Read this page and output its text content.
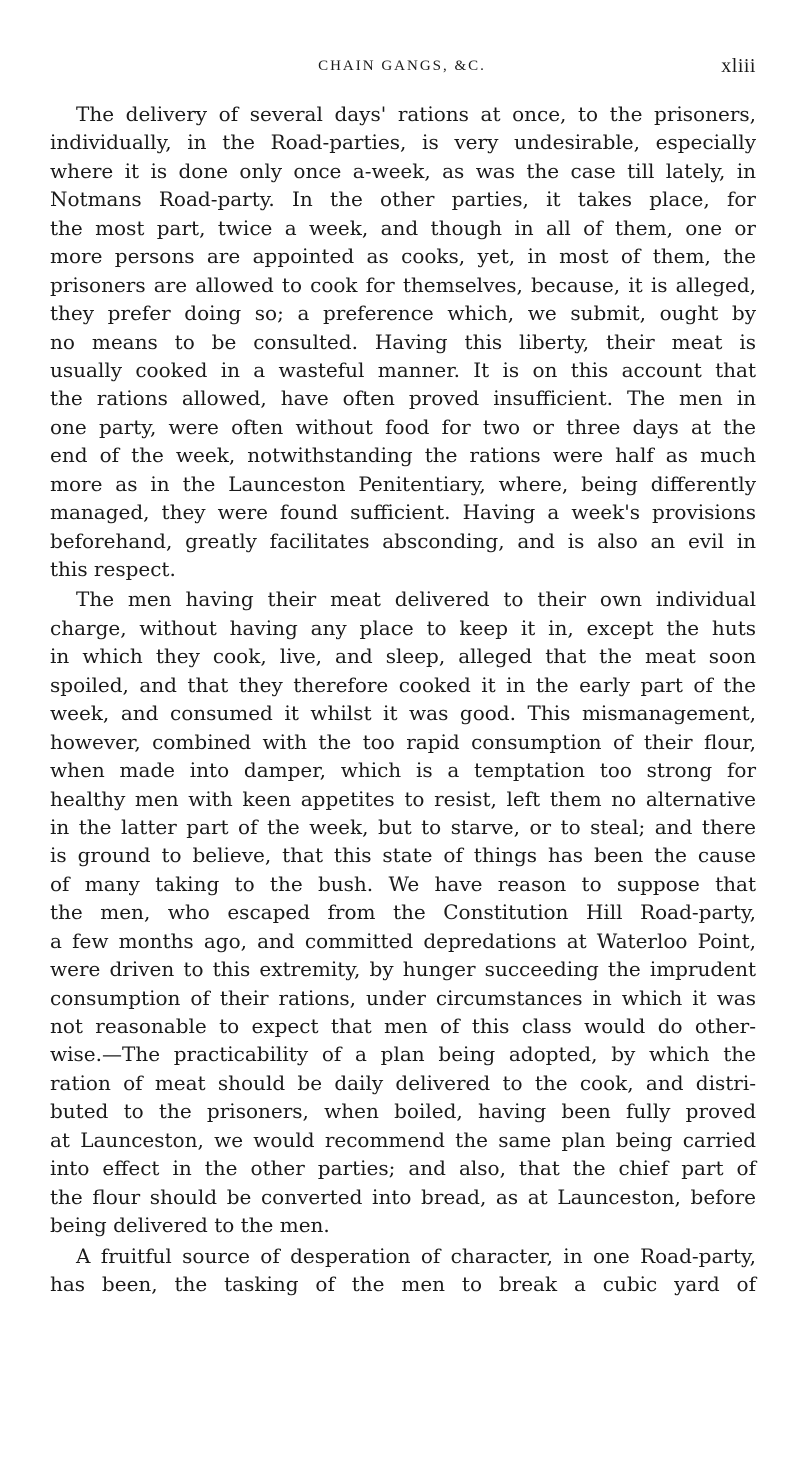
CHAIN GANGS, &C.	xliii
The delivery of several days' rations at once, to the prisoners,
individually, in the Road-parties, is very undesirable, especially
where it is done only once a-week, as was the case till lately, in
Notmans Road-party. In the other parties, it takes place, for
the most part, twice a week, and though in all of them, one or
more persons are appointed as cooks, yet, in most of them, the
prisoners are allowed to cook for themselves, because, it is alleged,
they prefer doing so; a preference which, we submit, ought by
no means to be consulted. Having this liberty, their meat is
usually cooked in a wasteful manner. It is on this account that
the rations allowed, have often proved insufficient. The men in
one party, were often without food for two or three days at the
end of the week, notwithstanding the rations were half as much
more as in the Launceston Penitentiary, where, being differently
managed, they were found sufficient. Having a week's provisions
beforehand, greatly facilitates absconding, and is also an evil in
this respect.
The men having their meat delivered to their own individual
charge, without having any place to keep it in, except the huts
in which they cook, live, and sleep, alleged that the meat soon
spoiled, and that they therefore cooked it in the early part of the
week, and consumed it whilst it was good. This mismanagement,
however, combined with the too rapid consumption of their flour,
when made into damper, which is a temptation too strong for
healthy men with keen appetites to resist, left them no alternative
in the latter part of the week, but to starve, or to steal; and there
is ground to believe, that this state of things has been the cause
of many taking to the bush. We have reason to suppose that
the men, who escaped from the Constitution Hill Road-party,
a few months ago, and committed depredations at Waterloo Point,
were driven to this extremity, by hunger succeeding the imprudent
consumption of their rations, under circumstances in which it was
not reasonable to expect that men of this class would do other-
wise.—The practicability of a plan being adopted, by which the
ration of meat should be daily delivered to the cook, and distri-
buted to the prisoners, when boiled, having been fully proved
at Launceston, we would recommend the same plan being carried
into effect in the other parties; and also, that the chief part of
the flour should be converted into bread, as at Launceston, before
being delivered to the men.
A fruitful source of desperation of character, in one Road-party,
has been, the tasking of the men to break a cubic yard of
